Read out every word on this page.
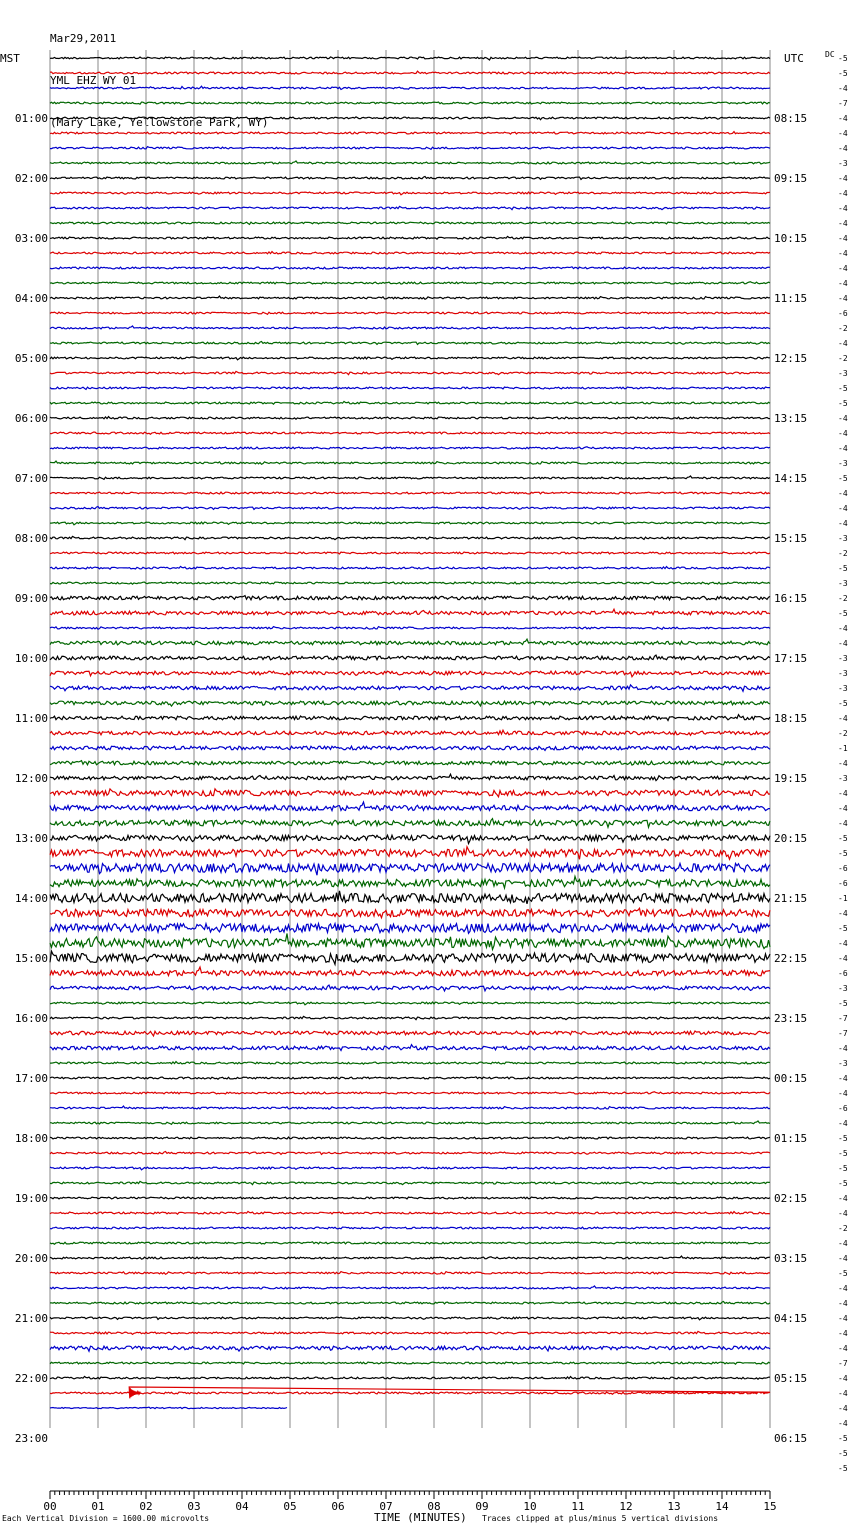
Mar29,2011

YML EHZ WY 01

(Mary Lake, Yellowstone Park, WY)

MST	UTC	DC
01:00
02:00
03:00
04:00
05:00
06:00
07:00
08:00
09:00
10:00
11:00
12:00
13:00
14:00
15:00
16:00
17:00
18:00
19:00
20:00
21:00
22:00
23:00
08:15
09:15
10:15
11:15
12:15
13:15
14:15
15:15
16:15
17:15
18:15
19:15
20:15
21:15
22:15
23:15
00:15
01:15
02:15
03:15
04:15
05:15
06:15
-5
-5
-4
-7
-4
-4
-4
-3
-4
-4
-4
-4
-4
-4
-4
-4
-4
-6
-2
-4
-2
-3
-5
-5
-4
-4
-4
-3
-5
-4
-4
-4
-3
-2
-5
-3
-2
-5
-4
-4
-3
-3
-3
-5
-4
-2
-1
-4
-3
-4
-4
-4
-5
-5
-6
-6
-1
-4
-5
-4
-4
-6
-3
-5
-7
-7
-4
-3
-4
-4
-6
-4
-5
-5
-5
-5
-4
-4
-2
-4
-4
-5
-4
-4
-4
-4
-4
-7
-4
-4
-4
-4
-5
-5
-5
00	01	02	03	04	05	06	07	08	09	10	11	12	13	14	15
Each Vertical Division = 1600.00 microvolts	TIME (MINUTES) Traces clipped at plus/minus 5 vertical divisions
